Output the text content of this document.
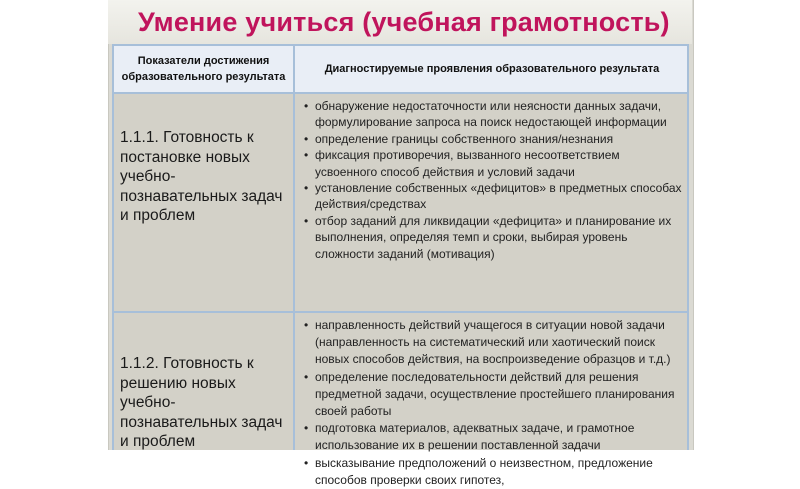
Умение учиться (учебная грамотность)
Показатели достижения образовательного результата
Диагностируемые проявления образовательного результата

1.1.1. Готовность к постановке новых учебно-познавательных задач и проблем

• обнаружение недостаточности или неясности данных задачи, формулирование запроса на поиск недостающей информации
• определение границы собственного знания/незнания
• фиксация противоречия, вызванного несоответствием усвоенного способ действия и условий задачи
• установление собственных «дефицитов» в предметных способах действия/средствах
• отбор заданий для ликвидации «дефицита» и планирование их выполнения, определяя темп и сроки, выбирая уровень сложности заданий (мотивация)

1.1.2. Готовность к решению новых учебно-познавательных задач и проблем

• направленность действий учащегося в ситуации новой задачи (направленность на систематический или хаотический поиск новых способов действия, на воспроизведение образцов и т.д.)
• определение последовательности действий для решения предметной задачи, осуществление простейшего планирования своей работы
• подготовка материалов, адекватных задаче, и грамотное использование их в решении поставленной задачи
• высказывание предположений о неизвестном, предложение способов проверки своих гипотез,
